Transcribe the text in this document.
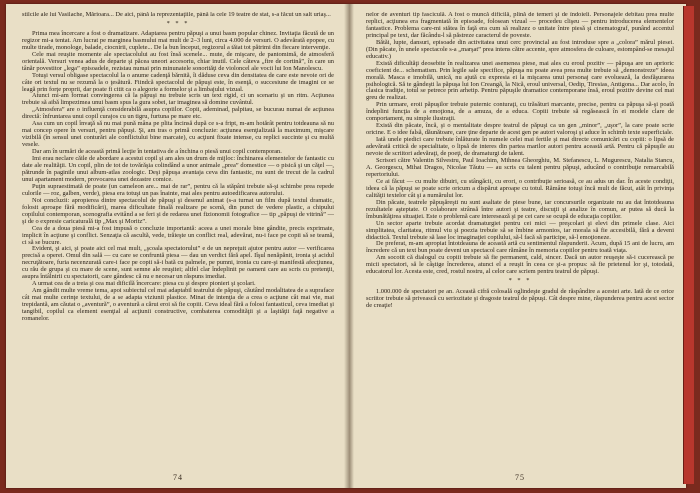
stilcile ale lui Vasilache, Mărioara... De aici, până la reprezentaţiile, până la cele 19 teatre de stat, s-a făcut un salt uriaş...

* * *

Prima mea încercare a fost o dramatizare. Adaptarea pentru păpuşi a unui basm popular chinez. Invitaţia făcută de un regizor mi-a tentat. Am lucrat pe marginea basmului mai mult de 2–3 luni, circa 4.000 de versuri. O adevărată epopee, cu multe tirade, monologe, balade, ciocnirii, cuplete... De la bun început, regizorul a tăiat tot pătrimi din fiecare intervenţie.

Cele mai reuşite momente ale spectacolului au fost însă scenele... mute, de mişcare, de pantomimă, de atmosferă orientală. Versuri venea adus de departe şi păcea uneori accesoriu, chiar inutil. Cele câteva „fire de cortină”, în care un tânăr povestitor „lega” episoadele, rezistau numai prin minunatele sonorităţi de violoncel ale vocii lui Ion Manolescu.

Totuşi versul obligase spectacolul la o anume cadenţă bărnită, îi dăduse ceva din densitatea de care este nevoie ori de câte ori textul nu se rezumă la o ţesătură. Fiindcă spectacolul de păpuşi este, în esenţă, o succesiune de imagini ce se leagă prin forţe proprii, dar poate fi citit ca o alegorie a formelor şi a limbajului vizual.

Atunci mi-am format convingerea că la păpuşi nu trebuie scris un text rigid, ci un scenariu şi un ritm. Acţiunea trebuie să aibă limpezimea unui basm spus la gura sobei, iar imaginea să domine cuvântul.

„Atmosfera” are o influenţă considerabilă asupra copiilor. Copii, ademinad, palpitau, se bucurau numai de acţiunea directă: înfruntarea unui copil curajos cu un tigru, furtuna pe mare etc.

Asa cum un copil învaţă să nu mai pună mâna pe plita încinsă după ce s-a fript, m-am hotărât pentru totdeauna să nu mai concep opere în versuri, pentru păpuşi. Şi, am tras o primă concluzie: acţiunea esenţializată la maximum, mişcare vizibilă (în sensul unei conturări ale conflictului bine marcate), cu acţiuni fixate intense, cu replici succinte şi cu multă vesele.

Dar am în urmări de această primă lecţie în tentativa de a închina o piesă unui copil contemporan.

Imi erau neclare căile de abordare a acestui copil şi am ales un drum de mijloc: închinarea elementelor de fantastic cu date ale realităţii. Un copil, plin de tot de tovărăşia colindând a unor animale „prea” domestice — o pisică şi un căţel —, pătrunde în paginile unui album-atlas zoologic. Deşi păpuşa avantaja ceva din fantastic, nu sunt de trecut de la cadrul unui apartament modern, provocarea unei dezastre comice.

Puţin supraestimată de poate (un cameleon are... mai de rar”, pentru că la stăpâni trebuie să-şi schimbe prea repede culorile — roz, galben, verde), piesa era totuşi un pas înainte, mai ales pentru autoedificarea autorului.

Noi concluzii: apropierea dintre spectacolul de păpuşi şi desenul animat (s-a turnat un film după textul dramatic, folosit aproape fără modificări), marea dificultate finală realizare pe scenă, din punct de vedere plastic, a chipului copilului contemporan, scenografia evitând a se feri şi de redarea unei fizionomii fotografice — tip „păpuşi de vitrină” — şi de o expresie caricaturală tip „Max şi Moritz”.

Cea de a doua piesă mi-a fost impusă o concluzie importantă: aceea a unei morale bine gândite, precis exprimate, implicit în acţiune şi conflict. Senzaţia că ascultă, vede, trăieşte un conflict real, adevărat, nu-i face pe copii să se teamă, ci să se bucure.

Evident, şi aici, şi poate aici cel mai mult, „şcoala spectatorului” e de un nepreţuit ajutor pentru autor — verificarea precisă a operei. Omul din sală — cu care se confruntă piesa — dau un verdict fără apel. Iîşul nenăpănit, ironia şi acidul necruţătoare, furia necenzurată care-i face pe copii să-i bată cu palmele, pe pumni, ironia cu care-şi manifestă afecţiunea, cu rău de grupa şi cu mare de scene, sunt semne ale reuşitei; altfel clar îndeplinit pe oameni care au scris cu pretenţii, asupra întâlnirii cu spectatorii, care gândesc că nu e necesar un răspuns imediat.

A urmat cea de a treia şi cea mai dificilă încercare: piesa cu şi despre pionieri şi şcolari.

Am gândit multe vreme tema, apoi subiectul cel mai adaptabil teatrului de păpuşi, căutând modalitatea de a supraface cât mai multe cerinţe textului, de a se adapta viziunii plastice. Minat de intenţia de a crea o acţiune cât mai vie, mai trepidantă, am căutat o „aventură”, o aventură a cărui eroi să fie copiii. Ceva ideal fără a folosi fantasticul, ceva imediat şi tangibil, copilul ca element esenţial al acţiunii constructive, combaterea comodităţii şi a laşităţii faţă negative a romanelor.

74

nelor de aventuri tip fasciculă. A fost o muncă dificilă, plină de temeri şi de îndoieli. Personajele debitau prea multe replici, acţiunea era fragmentată în episoade, folosean vizual — procedeu clişeu — pentru introducerea elementelor fantastice. Problema care-mi stătea în faţă era cum să realizez o unitate între piesă şi cinematograf, punând accentul principal pe text, dar făcându-l să păstreze caracterul de poveste.

Bătăi, lupte, dansuri, episoade din activitatea unui cerc provincial au fost introduse spre a „colora” mărul piesei. (Din păcate, în unele spectacole s-a „marşat” prea intens către accente, spre atmosfera de culoare, estompând-se mesajul educativ.)

Există dificultăţi deosebite în realizarea unei asemenea piese, mai ales cu eroul pozitiv — păpuşa are un aprioric coeficient de... schematism. Prin legile sale specifice, păpuşa nu poate avea prea multe trebuie să „demonstreze” ideea morală. Masca e imobilă, unică, nu ajută cu expresia ei la mişcarea unui personaj care evoluează, la desfăşurarea psihologică. Să te gândeşti la păpuşa lui Ion Creangă, la Nică, eroul universal, Oedip, Tiresias, Antigona... Dar acolo, în clasica tradiţie, totul se petrece prin arhetip. Pentru păpuşile dramatice contemporane însă, eroul pozitiv devine cel mai greu de realizat.

Prin urmare, eroii păpuşilor trebuie puternic conturaţi, cu trăsături marcante, precise, pentru ca păpuşa să-şi poată îndeplini funcţia de a emoţiona, de a amuza, de a educa. Copiii trebuie să regăsească în ei modele clare de comportament, nu simple ilustraţii.

Există din păcate, încă, şi o mentalitate despre teatrul de păpuşi ca un gen „minor”, „uşor”, la care poate scrie oricine. E o idee falsă, dăunătoare, care ţine departe de acest gen pe autori valoroşi şi aduce în schimb texte superficiale.

Iată unele piedici care trebuie înlăturate în numele celei mai fertile şi mai directe comunicări cu copiii: o lipsă de adevărată critică de specialitate, o lipsă de interes din partea marilor autori pentru această artă. Pentru că păpuşile au nevoie de scriitori adevăraţi, de poeţi, de dramaturgi de talent.

Scrisori către Valentin Silvestru, Paul Ioachim, Mihnea Gheorghiu, M. Stefanescu, L. Mugurescu, Natalia Stancu, A. Georgescu, Mihai Dragos, Nicolae Tăutu — au scris cu talent pentru păpuşi, aducând o contribuţie remarcabilă repertoriului.

Ce ai făcut — cu multe dibuiri, cu stângăcii, cu erori, o contribuţie serioasă, ce au adus un dar. În aceste condiţii, ideea că la păpuşi se poate scrie oricum a dispărut aproape cu totul. Rămâne totuşi încă mult de făcut, atât în privinţa calităţii textelor cât şi a numărului lor.

Din păcate, teatrele păpuşăreşti nu sunt asaltate de piese bune, iar concursurile organizate nu au dat întotdeauna rezultatele aşteptate. O colaborare strânsă între autori şi teatre, discuţii şi analize în comun, ar putea să ducă la îmbunătăţirea situaţiei. Este o problemă care interesează şi pe cei care se ocupă de educaţia copiilor.

Un sector aparte trebuie acordat dramaturgiei pentru cei mici — preşcolari şi elevi din primele clase. Aici simplitatea, claritatea, ritmul viu şi poezia trebuie să se îmbine armonios, iar morala să fie accesibilă, fără a deveni didactică. Textul trebuie să lase loc imaginaţiei copilului, să-l facă să participe, să-l emoţioneze.

De preferat, m-am apropiat întotdeauna de această artă cu sentimentul răspunderii. Acum, după 15 ani de lucru, am încredere că un text bun poate deveni un spectacol care rămâne în memoria copiilor pentru toată viaţa.

Am socotit că dialogul cu copiii trebuie să fie permanent, cald, sincer. Dacă un autor reuşeşte să-i cucerească pe micii spectatori, să le câştige încrederea, atunci el a reuşit în ceea ce şi-a propus: să fie prietenul lor şi, totodată, educatorul lor. Acesta este, cred, rostul nostru, al celor care scriem pentru teatrul de păpuşi.

* * *

1.000.000 de spectatori pe an. Această cifră colosală oglindeşte gradul de răspândire a acestei arte. Iată de ce orice scriitor trebuie să privească cu seriozitate şi dragoste teatrul de păpuşi. Cât despre mine, răspunderea pentru acest sector de creaţie!

75
